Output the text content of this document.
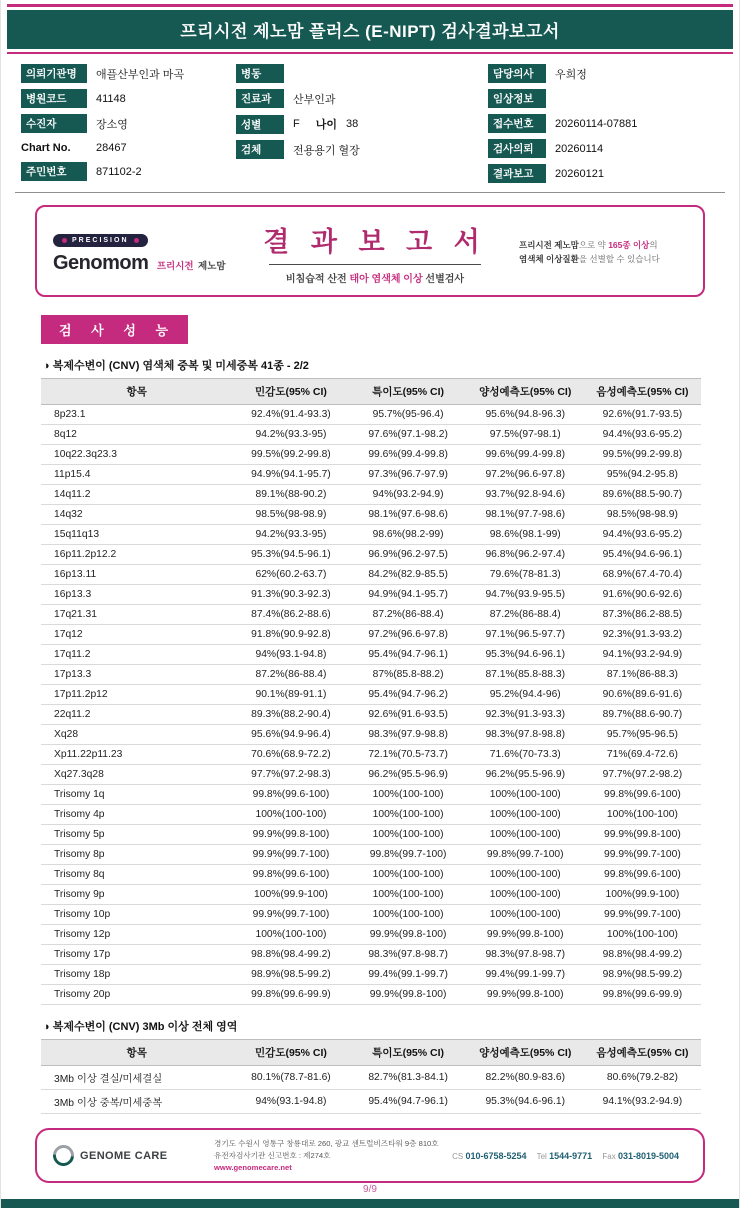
프리시전 제노맘 플러스 (E-NIPT) 검사결과보고서
의뢰기관명	애플산부인과 마곡
병원코드	41148
수진자	장소영
Chart No.	28467
주민번호	871102-2
병동
진료과	산부인과
성별	F 나이 38
검체	전용용기 혈장
담당의사	우희정
임상정보
접수번호	20260114-07881
검사의뢰	20260114
결과보고	20260121
PRECISION
Genomom 프리시전 제노맘
결 과 보 고 서
비침습적 산전 태아 염색체 이상 선별검사
프리시전 제노맘으로 약 165종 이상의
염색체 이상질환을 선별할 수 있습니다
검 사 성 능
◑ 복제수변이 (CNV) 염색체 중복 및 미세중복 41종 - 2/2
항목	민감도(95% CI)	특이도(95% CI)	양성예측도(95% CI)	음성예측도(95% CI)
8p23.1	92.4%(91.4-93.3)	95.7%(95-96.4)	95.6%(94.8-96.3)	92.6%(91.7-93.5)
8q12	94.2%(93.3-95)	97.6%(97.1-98.2)	97.5%(97-98.1)	94.4%(93.6-95.2)
10q22.3q23.3	99.5%(99.2-99.8)	99.6%(99.4-99.8)	99.6%(99.4-99.8)	99.5%(99.2-99.8)
11p15.4	94.9%(94.1-95.7)	97.3%(96.7-97.9)	97.2%(96.6-97.8)	95%(94.2-95.8)
14q11.2	89.1%(88-90.2)	94%(93.2-94.9)	93.7%(92.8-94.6)	89.6%(88.5-90.7)
14q32	98.5%(98-98.9)	98.1%(97.6-98.6)	98.1%(97.7-98.6)	98.5%(98-98.9)
15q11q13	94.2%(93.3-95)	98.6%(98.2-99)	98.6%(98.1-99)	94.4%(93.6-95.2)
16p11.2p12.2	95.3%(94.5-96.1)	96.9%(96.2-97.5)	96.8%(96.2-97.4)	95.4%(94.6-96.1)
16p13.11	62%(60.2-63.7)	84.2%(82.9-85.5)	79.6%(78-81.3)	68.9%(67.4-70.4)
16p13.3	91.3%(90.3-92.3)	94.9%(94.1-95.7)	94.7%(93.9-95.5)	91.6%(90.6-92.6)
17q21.31	87.4%(86.2-88.6)	87.2%(86-88.4)	87.2%(86-88.4)	87.3%(86.2-88.5)
17q12	91.8%(90.9-92.8)	97.2%(96.6-97.8)	97.1%(96.5-97.7)	92.3%(91.3-93.2)
17q11.2	94%(93.1-94.8)	95.4%(94.7-96.1)	95.3%(94.6-96.1)	94.1%(93.2-94.9)
17p13.3	87.2%(86-88.4)	87%(85.8-88.2)	87.1%(85.8-88.3)	87.1%(86-88.3)
17p11.2p12	90.1%(89-91.1)	95.4%(94.7-96.2)	95.2%(94.4-96)	90.6%(89.6-91.6)
22q11.2	89.3%(88.2-90.4)	92.6%(91.6-93.5)	92.3%(91.3-93.3)	89.7%(88.6-90.7)
Xq28	95.6%(94.9-96.4)	98.3%(97.9-98.8)	98.3%(97.8-98.8)	95.7%(95-96.5)
Xp11.22p11.23	70.6%(68.9-72.2)	72.1%(70.5-73.7)	71.6%(70-73.3)	71%(69.4-72.6)
Xq27.3q28	97.7%(97.2-98.3)	96.2%(95.5-96.9)	96.2%(95.5-96.9)	97.7%(97.2-98.2)
Trisomy 1q	99.8%(99.6-100)	100%(100-100)	100%(100-100)	99.8%(99.6-100)
Trisomy 4p	100%(100-100)	100%(100-100)	100%(100-100)	100%(100-100)
Trisomy 5p	99.9%(99.8-100)	100%(100-100)	100%(100-100)	99.9%(99.8-100)
Trisomy 8p	99.9%(99.7-100)	99.8%(99.7-100)	99.8%(99.7-100)	99.9%(99.7-100)
Trisomy 8q	99.8%(99.6-100)	100%(100-100)	100%(100-100)	99.8%(99.6-100)
Trisomy 9p	100%(99.9-100)	100%(100-100)	100%(100-100)	100%(99.9-100)
Trisomy 10p	99.9%(99.7-100)	100%(100-100)	100%(100-100)	99.9%(99.7-100)
Trisomy 12p	100%(100-100)	99.9%(99.8-100)	99.9%(99.8-100)	100%(100-100)
Trisomy 17p	98.8%(98.4-99.2)	98.3%(97.8-98.7)	98.3%(97.8-98.7)	98.8%(98.4-99.2)
Trisomy 18p	98.9%(98.5-99.2)	99.4%(99.1-99.7)	99.4%(99.1-99.7)	98.9%(98.5-99.2)
Trisomy 20p	99.8%(99.6-99.9)	99.9%(99.8-100)	99.9%(99.8-100)	99.8%(99.6-99.9)
◑ 복제수변이 (CNV) 3Mb 이상 전체 영역
항목	민감도(95% CI)	특이도(95% CI)	양성예측도(95% CI)	음성예측도(95% CI)
3Mb 이상 결실/미세결실	80.1%(78.7-81.6)	82.7%(81.3-84.1)	82.2%(80.9-83.6)	80.6%(79.2-82)
3Mb 이상 중복/미세중복	94%(93.1-94.8)	95.4%(94.7-96.1)	95.3%(94.6-96.1)	94.1%(93.2-94.9)
GENOME CARE
경기도 수원시 영통구 창룡대로 260, 광교 센트럴비즈타워 9층 810호
유전자검사기관 신고번호 : 제274호
www.genomecare.net
CS 010-6758-5254 Tel 1544-9771 Fax 031-8019-5004
9/9
